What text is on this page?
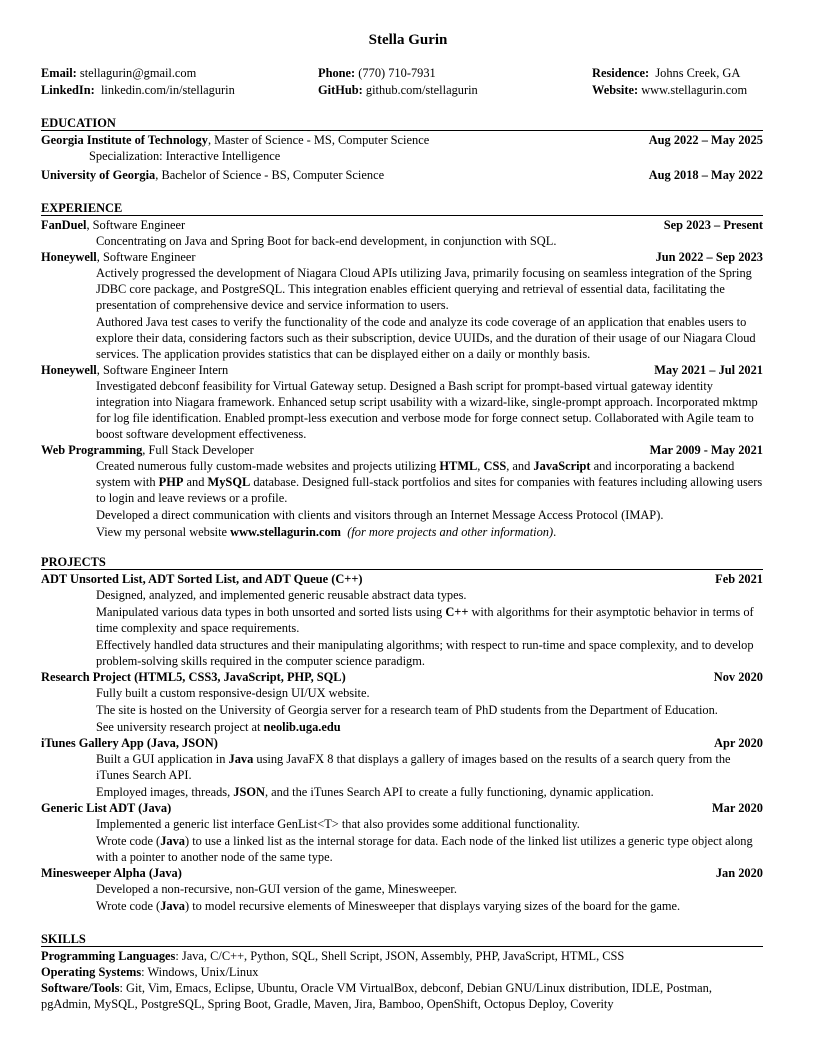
Stella Gurin
Email: stellagurin@gmail.com	Phone: (770) 710-7931	Residence: Johns Creek, GA
LinkedIn: linkedin.com/in/stellagurin	GitHub: github.com/stellagurin	Website: www.stellagurin.com
EDUCATION
Georgia Institute of Technology, Master of Science - MS, Computer Science	Aug 2022 – May 2025
Specialization: Interactive Intelligence
University of Georgia, Bachelor of Science - BS, Computer Science	Aug 2018 – May 2022
EXPERIENCE
FanDuel, Software Engineer	Sep 2023 – Present

Concentrating on Java and Spring Boot for back-end development, in conjunction with SQL.

Honeywell, Software Engineer	Jun 2022 – Sep 2023

Actively progressed the development of Niagara Cloud APIs utilizing Java, primarily focusing on seamless integration of the Spring JDBC core package, and PostgreSQL. This integration enables efficient querying and retrieval of essential data, facilitating the presentation of comprehensive device and service information to users.

Authored Java test cases to verify the functionality of the code and analyze its code coverage of an application that enables users to explore their data, considering factors such as their subscription, device UUIDs, and the duration of their usage of our Niagara Cloud services. The application provides statistics that can be displayed either on a daily or monthly basis.

Honeywell, Software Engineer Intern	May 2021 – Jul 2021

Investigated debconf feasibility for Virtual Gateway setup. Designed a Bash script for prompt-based virtual gateway identity integration into Niagara framework. Enhanced setup script usability with a wizard-like, single-prompt approach. Incorporated mktmp for log file identification. Enabled prompt-less execution and verbose mode for forge connect setup. Collaborated with Agile team to boost software development effectiveness.

Web Programming, Full Stack Developer	Mar 2009 - May 2021

Created numerous fully custom-made websites and projects utilizing HTML, CSS, and JavaScript and incorporating a backend system with PHP and MySQL database. Designed full-stack portfolios and sites for companies with features including allowing users to login and leave reviews or a profile.

Developed a direct communication with clients and visitors through an Internet Message Access Protocol (IMAP).

View my personal website www.stellagurin.com (for more projects and other information).

PROJECTS
ADT Unsorted List, ADT Sorted List, and ADT Queue (C++)	Feb 2021

Designed, analyzed, and implemented generic reusable abstract data types.

Manipulated various data types in both unsorted and sorted lists using C++ with algorithms for their asymptotic behavior in terms of time complexity and space requirements.

Effectively handled data structures and their manipulating algorithms; with respect to run-time and space complexity, and to develop problem-solving skills required in the computer science paradigm.

Research Project (HTML5, CSS3, JavaScript, PHP, SQL)	Nov 2020

Fully built a custom responsive-design UI/UX website.

The site is hosted on the University of Georgia server for a research team of PhD students from the Department of Education.

See university research project at neolib.uga.edu

iTunes Gallery App (Java, JSON)	Apr 2020

Built a GUI application in Java using JavaFX 8 that displays a gallery of images based on the results of a search query from the iTunes Search API.

Employed images, threads, JSON, and the iTunes Search API to create a fully functioning, dynamic application.

Generic List ADT (Java)	Mar 2020

Implemented a generic list interface GenList<T> that also provides some additional functionality.

Wrote code (Java) to use a linked list as the internal storage for data. Each node of the linked list utilizes a generic type object along with a pointer to another node of the same type.

Minesweeper Alpha (Java)	Jan 2020

Developed a non-recursive, non-GUI version of the game, Minesweeper.

Wrote code (Java) to model recursive elements of Minesweeper that displays varying sizes of the board for the game.

SKILLS
Programming Languages: Java, C/C++, Python, SQL, Shell Script, JSON, Assembly, PHP, JavaScript, HTML, CSS
Operating Systems: Windows, Unix/Linux
Software/Tools: Git, Vim, Emacs, Eclipse, Ubuntu, Oracle VM VirtualBox, debconf, Debian GNU/Linux distribution, IDLE, Postman, pgAdmin, MySQL, PostgreSQL, Spring Boot, Gradle, Maven, Jira, Bamboo, OpenShift, Octopus Deploy, Coverity
